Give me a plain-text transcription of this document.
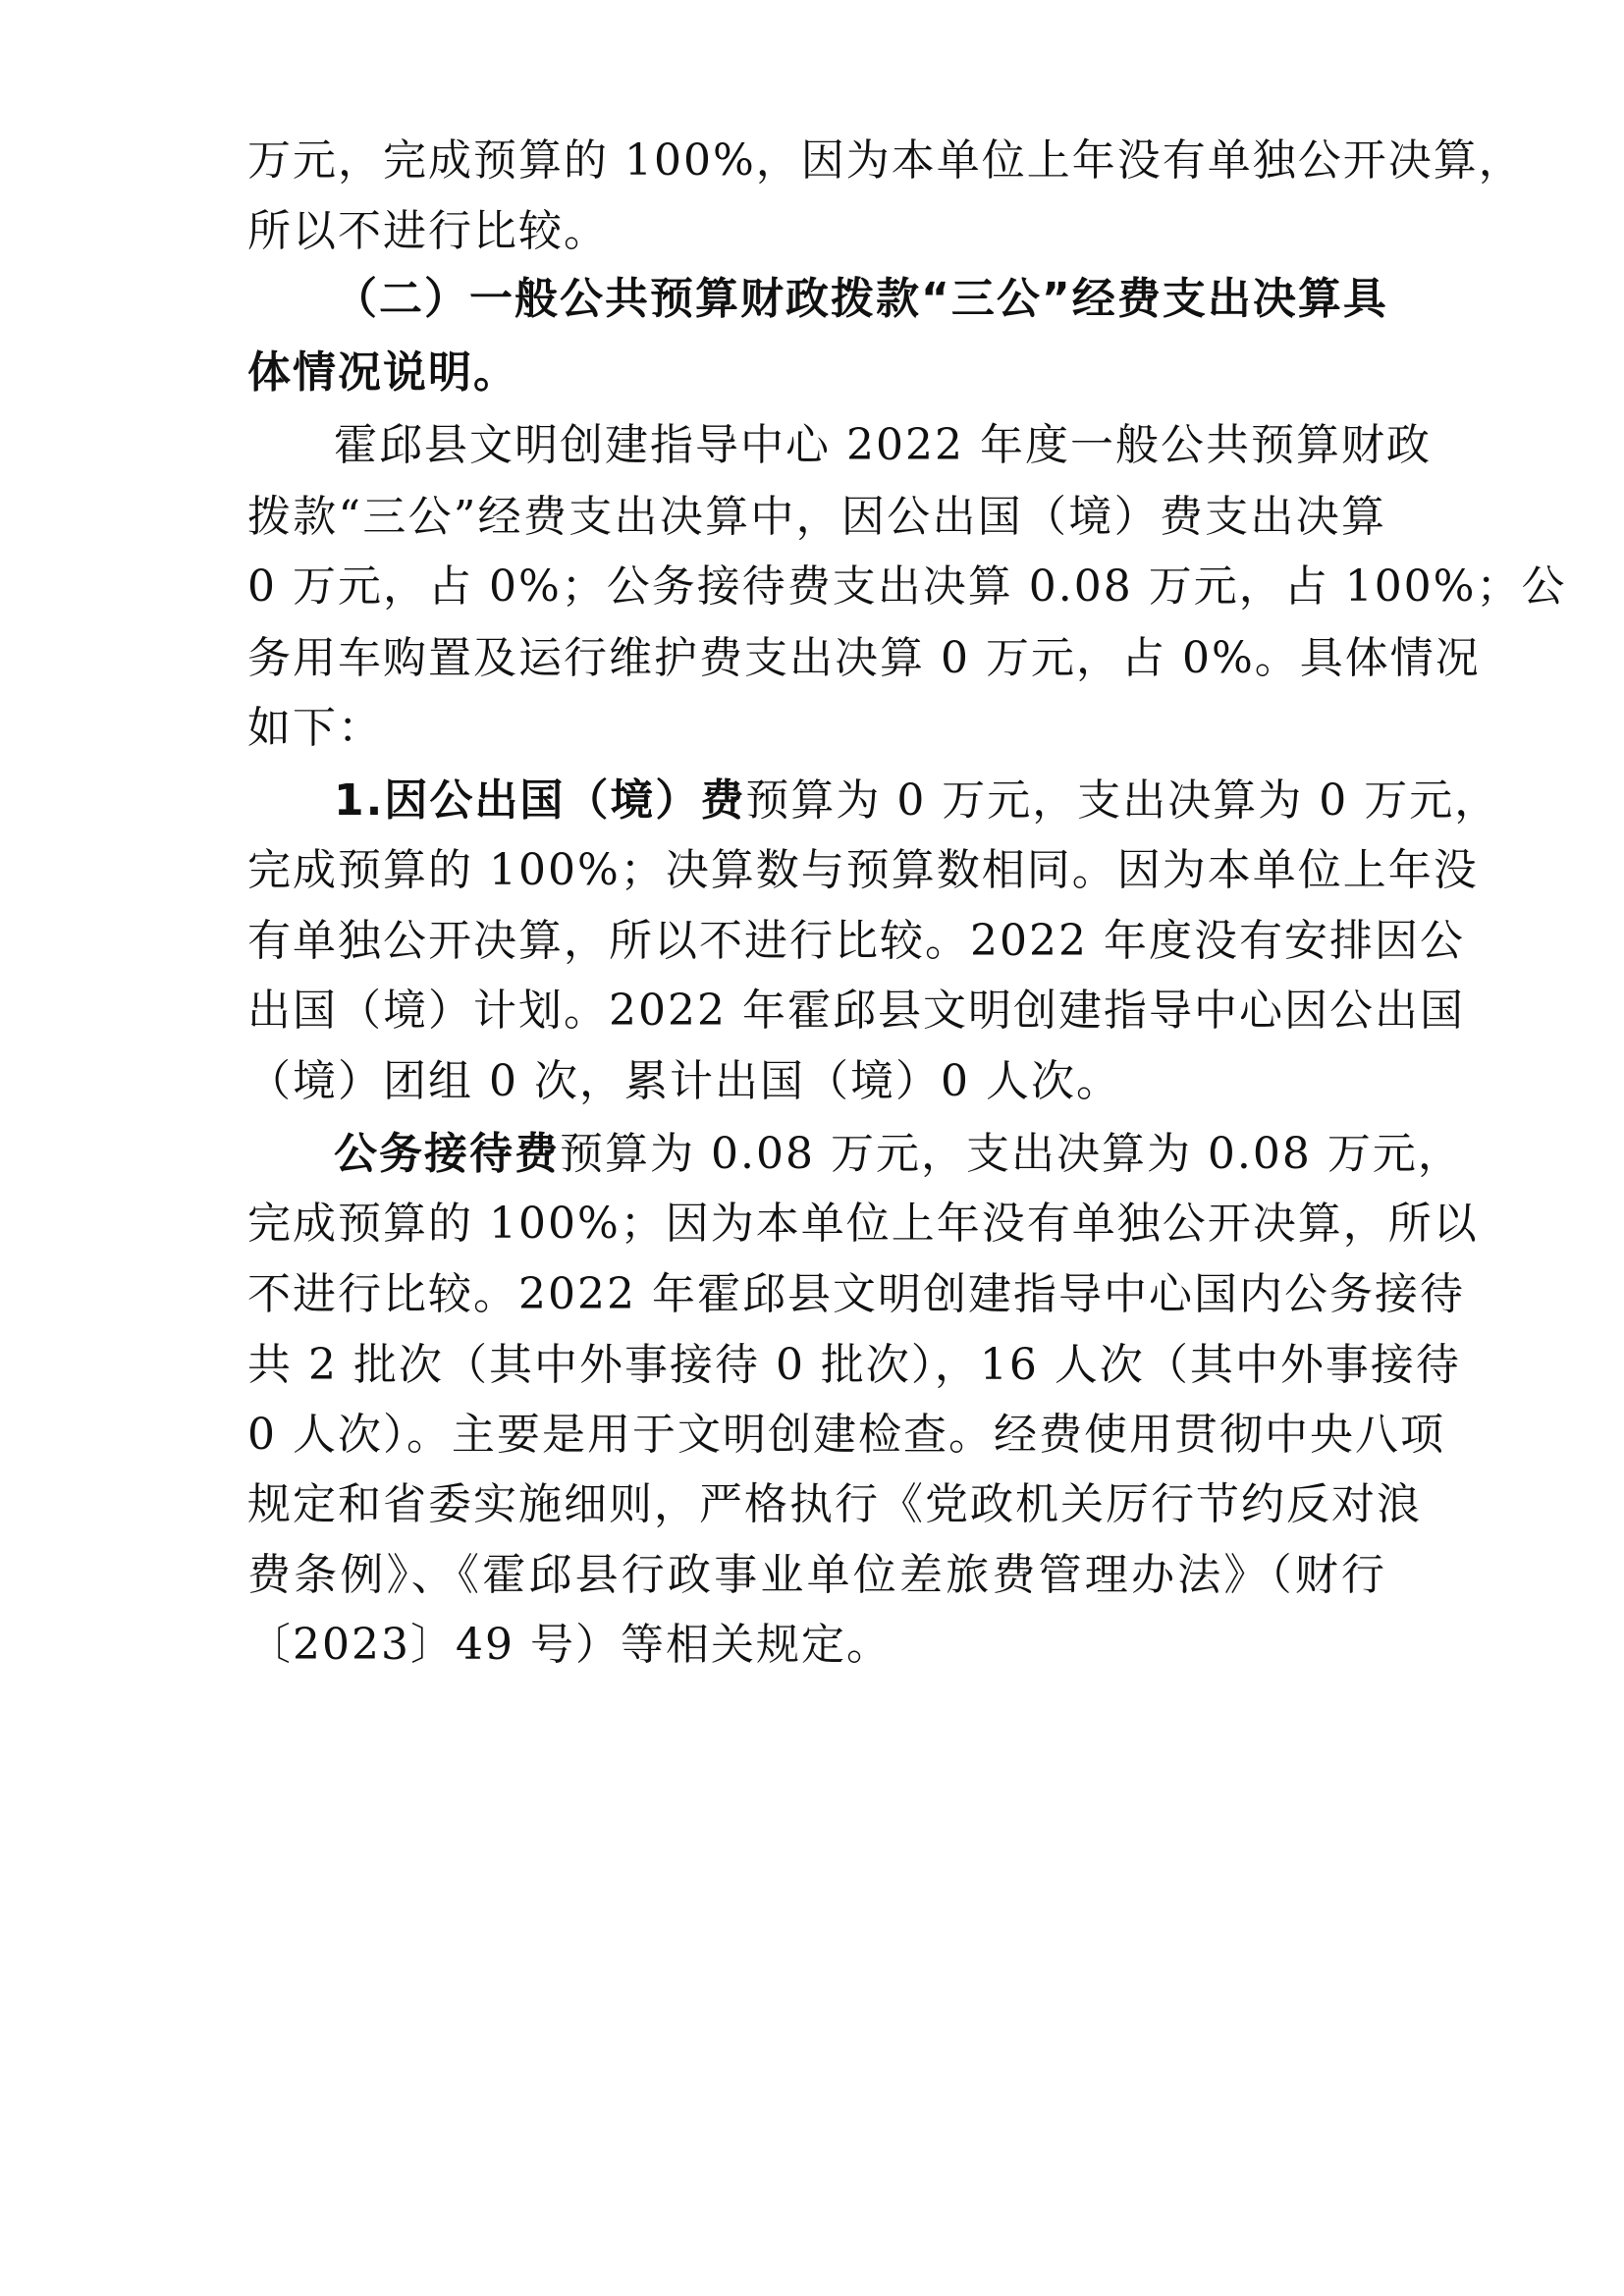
万元，完成预算的 100%，因为本单位上年没有单独公开决算，
所以不进行比较。
（二）一般公共预算财政拨款“三公”经费支出决算具
体情况说明。
霍邱县文明创建指导中心 2022 年度一般公共预算财政
拨款“三公”经费支出决算中，因公出国（境）费支出决算
0 万元，占 0%；公务接待费支出决算 0.08 万元，占 100%；公
务用车购置及运行维护费支出决算 0 万元，占 0%。具体情况
如下：
1.因公出国（境）费预算为 0 万元，支出决算为 0 万元，
完成预算的 100%；决算数与预算数相同。因为本单位上年没
有单独公开决算，所以不进行比较。2022 年度没有安排因公
出国（境）计划。2022 年霍邱县文明创建指导中心因公出国
（境）团组 0 次，累计出国（境）0 人次。
公务接待费预算为 0.08 万元，支出决算为 0.08 万元，
完成预算的 100%；因为本单位上年没有单独公开决算，所以
不进行比较。2022 年霍邱县文明创建指导中心国内公务接待
共 2 批次（其中外事接待 0 批次），16 人次（其中外事接待
0 人次）。主要是用于文明创建检查。经费使用贯彻中央八项
规定和省委实施细则，严格执行《党政机关厉行节约反对浪
费条例》、《霍邱县行政事业单位差旅费管理办法》（财行
〔2023〕49 号）等相关规定。
